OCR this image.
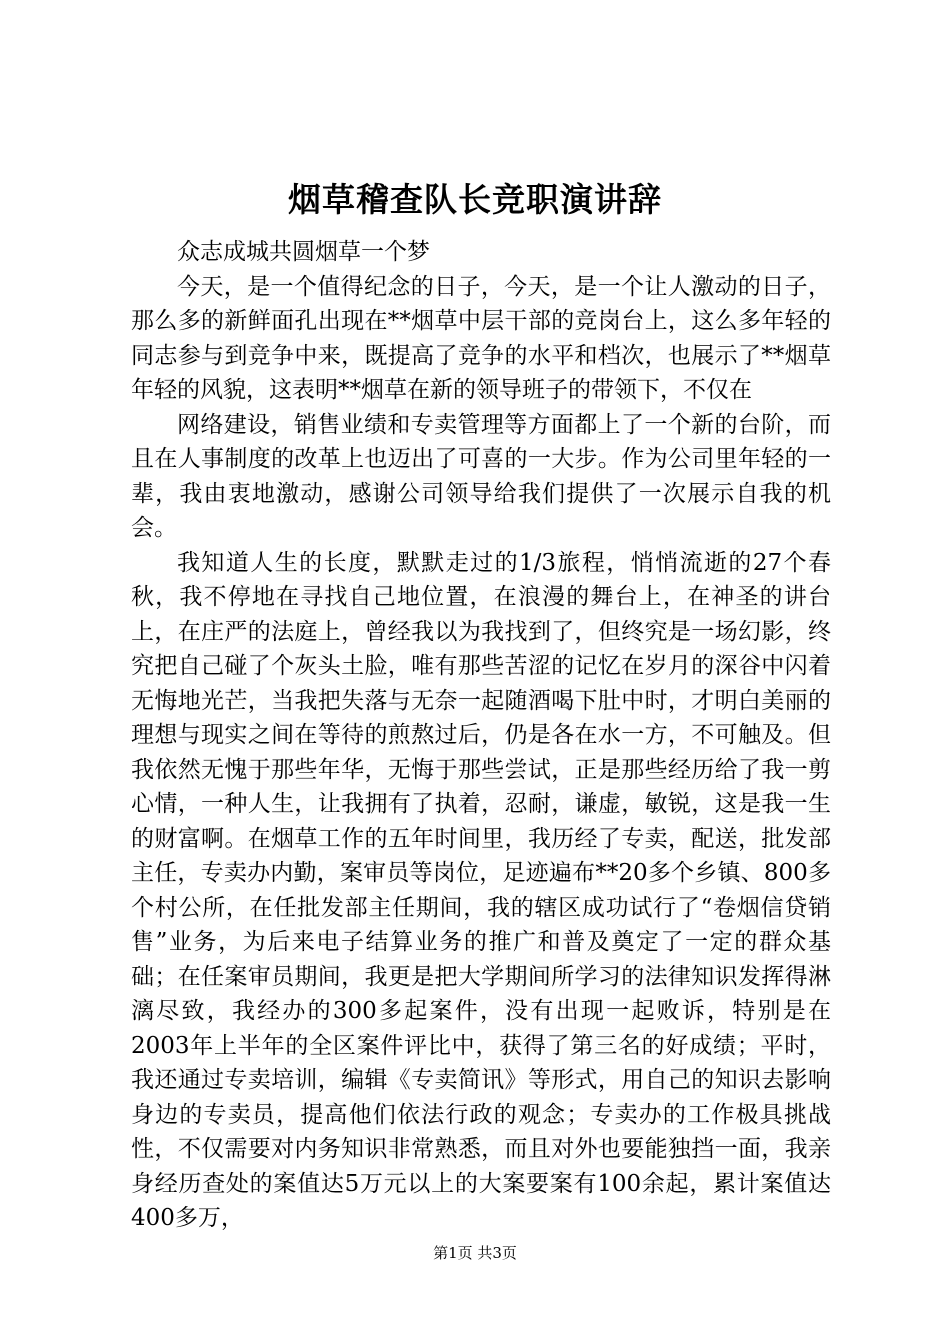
烟草稽查队长竞职演讲辞

众志成城共圆烟草一个梦

今天，是一个值得纪念的日子，今天，是一个让人激动的日子，那么多的新鲜面孔出现在**烟草中层干部的竞岗台上，这么多年轻的同志参与到竞争中来，既提高了竞争的水平和档次，也展示了**烟草年轻的风貌，这表明**烟草在新的领导班子的带领下，不仅在

网络建设，销售业绩和专卖管理等方面都上了一个新的台阶，而且在人事制度的改革上也迈出了可喜的一大步。作为公司里年轻的一辈，我由衷地激动，感谢公司领导给我们提供了一次展示自我的机会。

我知道人生的长度，默默走过的1/3旅程，悄悄流逝的27个春秋，我不停地在寻找自己地位置，在浪漫的舞台上，在神圣的讲台上，在庄严的法庭上，曾经我以为我找到了，但终究是一场幻影，终究把自己碰了个灰头土脸，唯有那些苦涩的记忆在岁月的深谷中闪着无悔地光芒，当我把失落与无奈一起随酒喝下肚中时，才明白美丽的理想与现实之间在等待的煎熬过后，仍是各在水一方，不可触及。但我依然无愧于那些年华，无悔于那些尝试，正是那些经历给了我一剪心情，一种人生，让我拥有了执着，忍耐，谦虚，敏锐，这是我一生的财富啊。在烟草工作的五年时间里，我历经了专卖，配送，批发部主任，专卖办内勤，案审员等岗位，足迹遍布**20多个乡镇、800多个村公所，在任批发部主任期间，我的辖区成功试行了“卷烟信贷销售”业务，为后来电子结算业务的推广和普及奠定了一定的群众基础；在任案审员期间，我更是把大学期间所学习的法律知识发挥得淋漓尽致，我经办的300多起案件，没有出现一起败诉，特别是在2003年上半年的全区案件评比中，获得了第三名的好成绩；平时，我还通过专卖培训，编辑《专卖简讯》等形式，用自己的知识去影响身边的专卖员，提高他们依法行政的观念；专卖办的工作极具挑战性，不仅需要对内务知识非常熟悉，而且对外也要能独挡一面，我亲身经历查处的案值达5万元以上的大案要案有100余起，累计案值达400多万，

第1页 共3页
